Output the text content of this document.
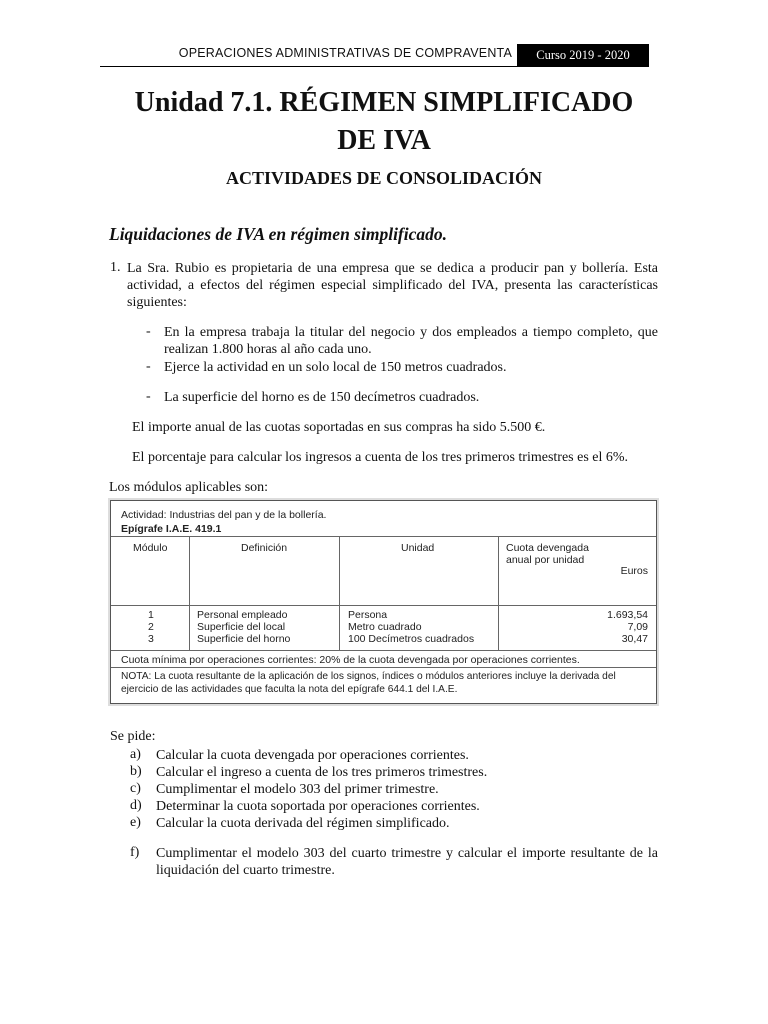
OPERACIONES ADMINISTRATIVAS DE COMPRAVENTA	Curso 2019 - 2020
Unidad 7.1. RÉGIMEN SIMPLIFICADO
DE IVA
ACTIVIDADES DE CONSOLIDACIÓN
Liquidaciones de IVA en régimen simplificado.
1. La Sra. Rubio es propietaria de una empresa que se dedica a producir pan y bollería. Esta actividad, a efectos del régimen especial simplificado del IVA, presenta las características siguientes:
- En la empresa trabaja la titular del negocio y dos empleados a tiempo completo, que realizan 1.800 horas al año cada uno.
- Ejerce la actividad en un solo local de 150 metros cuadrados.
- La superficie del horno es de 150 decímetros cuadrados.
El importe anual de las cuotas soportadas en sus compras ha sido 5.500 €.
El porcentaje para calcular los ingresos a cuenta de los tres primeros trimestres es el 6%.
Los módulos aplicables son:
Actividad: Industrias del pan y de la bollería.
Epígrafe I.A.E. 419.1
Módulo	Definición	Unidad	Cuota devengada
anual por unidad
Euros
1	Personal empleado	Persona	1.693,54
2	Superficie del local	Metro cuadrado	7,09
3	Superficie del horno	100 Decímetros cuadrados	30,47
Cuota mínima por operaciones corrientes: 20% de la cuota devengada por operaciones corrientes.
NOTA: La cuota resultante de la aplicación de los signos, índices o módulos anteriores incluye la derivada del
ejercicio de las actividades que faculta la nota del epígrafe 644.1 del I.A.E.
Se pide:
a) Calcular la cuota devengada por operaciones corrientes.
b) Calcular el ingreso a cuenta de los tres primeros trimestres.
c) Cumplimentar el modelo 303 del primer trimestre.
d) Determinar la cuota soportada por operaciones corrientes.
e) Calcular la cuota derivada del régimen simplificado.
f) Cumplimentar el modelo 303 del cuarto trimestre y calcular el importe resultante de la liquidación del cuarto trimestre.
